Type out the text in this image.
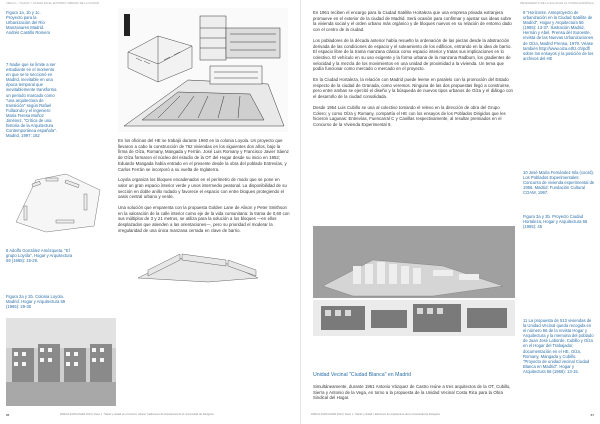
VIECO L. | SALUD Y CIUDAD EN EL ENTORNO URBANO DE LA CIUDAD
Figura 1a, 1b y 1c. Proyecto para la Urbanización del Río Manzanares Madrid. Andrés Castillo Romero
7 Nadie que se limite a ser estudiante en el momento en que se le seccionó en Madrid, inevitable en una época temporal que inevitablemente transforma un periodo marcado como "una arquitectura de transición" según Rafael Fullaondo y el ingeniero Maria Teresa Muñoz Jiménez. "Crítica de una historia de la Arquitectura Contemporánea española". Madrid, 1997: 162

En los oficinas del HE se trabajó durante 1960 en la colonia Loyola. Un proyecto que llevaron a cabo la construcción de 762 viviendas en los siguientes dos años, bajo la firma de Oíza, Romany, Mangada y Ferrán. José Luis Romany y Francisco Javier Sáenz de Oíza formaron el núcleo del estudio de la OT del Hogar desde su inicio en 1952; Eduardo Mangada había entrado en el presente desde la obra del poblado Entrevías, y Carlos Ferrán se incorporó a su vuelta de Inglaterra.

Loyola organiza los bloques encadenados en el perímetro de modo que se pone en valor un gran espacio interior verde y unos intermedio peatonal. La disponibilidad de su sección en doble anillo rodado y favorece el espacio con entre bloques protegiendo el oasis central urbano y verde.

Una solución que emparenta con la propuesta Golden Lane de Alison y Peter Smithson en la valoración de la calle interior como eje de la vida comunitaria: la trama de 0,60 con sus múltiplos de 3 y 21 metros, se utiliza para la solución a los bloques —en ellos desplazados que atienden a las orientaciones—, pero su prioridad el moderar la irregularidad de una única manzana cerrada en clave de barrio.

8 Adolfo González Amézqueta. "El grupo Loyola", Hogar y Arquitectura 59 (1965): 15-29.
Figura 2a y 2b. Colonia Loyola. Madrid. Hogar y Arquitectura 59 (1965): 29-30
86	ZARCH ZARCH MAR 2014 | Vieco L. 'Salud y ciudad en el entorno urbano' | Ediciones de Arquitectura de la universidad de Zaragoza
PENSAMIENTO DE LA SALUD EN LA CIUDAD ESPAÑOLA

En 1961 reciben el encargo para la Ciudad Satélite Hortaleza que una empresa privada extranjera promueve en el exterior de la ciudad de Madrid. Será ocasión para confirmar y ajustar sus ideas sobre la vivienda social y el orden urbano más orgánico y de bloques nuevos en su relación de entorno dado con el centro de la ciudad.

Los pobladores de la década anterior había resuelto la ordenación de las piezas desde la abstracción derivada de las condiciones de espacio y el soleamiento de los edificios, entrando en la idea de barrio. El espacio libre de la trama manzana clásica como espacio interior y tratas sus implicaciones en lo colectivo. El vehículo en su uso exigente y la forma urbana de la manzana Radburn, los gradientes de velocidad y la mezcla de los movimientos en una unidad de proximidad a la vivienda. Un tema que podía funcionar como mercado o mercado en el proyecto.

En la Ciudad Hortaleza, la relación con Madrid puede leerse en paralelo con la promoción del Estado respecto de la ciudad de Granada, como veremos. Ninguna de las dos propuestas llegó a construirse, pero entre ambas se ejercitó el diseño y la búsqueda de nuevos tipos urbanos de Oíza y el diálogo con el desarrollo de la ciudad consolidada.

Desde 1954 Luis Cubillo se una al colectivo tomando el relevo en la dirección de obra del Grupo Colero; y como Oíza y Romany, compartía el HE con los ensayos de los Poblados Dirigidos que les hicieron Lagunas: Entrevías, Fuencarral C y Canillas respectivamente, al resultar premiados en el Concurso de la Vivienda Experimental 9.

9 "Horizonte. Anteproyecto de urbanización en la Ciudad Satélite de Madrid", Hogar y Arquitectura 56 (1965): 13-37. Ilustración Madrid, Hernán y Abel. Prensa del Suroeste, revista de las Nuevas Urbanizaciones de Oíza, Madrid Prensa, 1979. Véase también http://www.oiza.ethz.ch/pdf/ sobre los ensayos y la posición de los archivos del HE
10 José María Fernández Isla (coord). Los Poblados Experimentales: Concurso de vivienda experimental de 1956. Madrid: Fundación Cultural COAM, 1997.
Figura 3a y 3b. Proyecto Ciudad Hortaleza, Hogar y Arquitectura 56 (1965): 45
11 La propuesta de 513 viviendas de la Unidad Vecinal queda recogida en el número 66 de la revista Hogar y Arquitectura y la memoria del poblado de Juan José Laborde, Cubillo y Oíza en el Hogar del Trabajador, documentación en el HE. Oíza, Romany, Mangada y Cubillo. "Proyecto de unidad vecinal Ciudad Blanca en Madrid". Hogar y Arquitectura 66 (1966): 13-15.
Unidad Vecinal "Ciudad Blanca" en Madrid
Simultáneamente, durante 1961 Antonio Vázquez de Castro reúne a tres arquitectos de la OT, Cubillo, Sierra y Antonio de la Vega, en torno a la propuesta de la Unidad Vecinal Costa Rica para la Obra Sindical del Hogar.
ZARCH ZARCH MAR 2014 | Vieco L. 'Salud y ciudad' | Ediciones de Arquitectura de la universidad de Zaragoza	87
